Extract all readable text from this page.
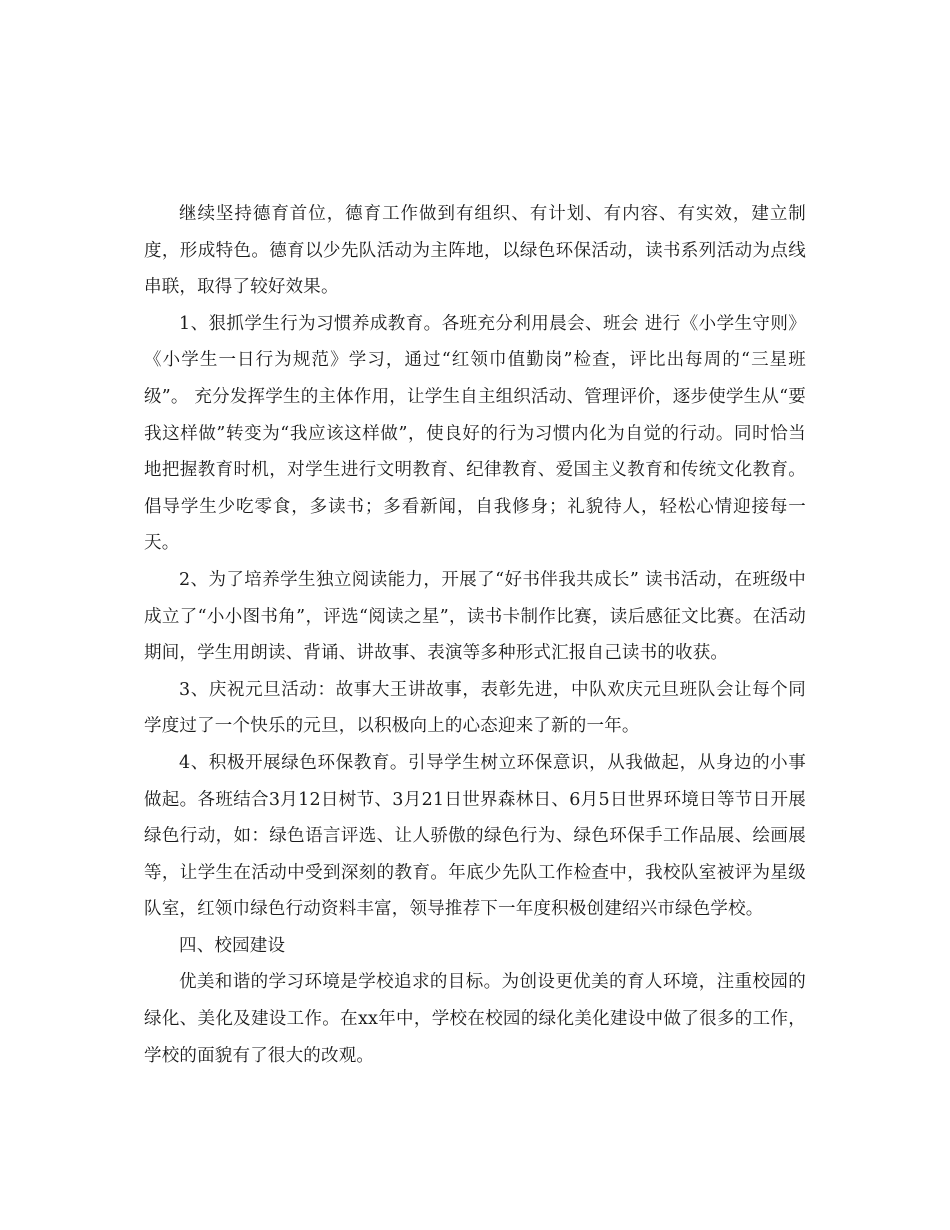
继续坚持德育首位，德育工作做到有组织、有计划、有内容、有实效，建立制度，形成特色。德育以少先队活动为主阵地，以绿色环保活动，读书系列活动为点线串联，取得了较好效果。

1、狠抓学生行为习惯养成教育。各班充分利用晨会、班会 进行《小学生守则》《小学生一日行为规范》学习，通过“红领巾值勤岗”检查，评比出每周的“三星班级”。 充分发挥学生的主体作用，让学生自主组织活动、管理评价，逐步使学生从“要我这样做”转变为“我应该这样做”，使良好的行为习惯内化为自觉的行动。同时恰当地把握教育时机，对学生进行文明教育、纪律教育、爱国主义教育和传统文化教育。倡导学生少吃零食，多读书；多看新闻，自我修身；礼貌待人，轻松心情迎接每一天。

2、为了培养学生独立阅读能力，开展了“好书伴我共成长” 读书活动，在班级中成立了“小小图书角”，评选“阅读之星”，读书卡制作比赛，读后感征文比赛。在活动期间，学生用朗读、背诵、讲故事、表演等多种形式汇报自己读书的收获。

3、庆祝元旦活动：故事大王讲故事，表彰先进，中队欢庆元旦班队会让每个同学度过了一个快乐的元旦，以积极向上的心态迎来了新的一年。

4、积极开展绿色环保教育。引导学生树立环保意识，从我做起，从身边的小事做起。各班结合3月12日树节、3月21日世界森林日、6月5日世界环境日等节日开展绿色行动，如：绿色语言评选、让人骄傲的绿色行为、绿色环保手工作品展、绘画展等，让学生在活动中受到深刻的教育。年底少先队工作检查中，我校队室被评为星级队室，红领巾绿色行动资料丰富，领导推荐下一年度积极创建绍兴市绿色学校。

四、校园建设

优美和谐的学习环境是学校追求的目标。为创设更优美的育人环境，注重校园的绿化、美化及建设工作。在xx年中，学校在校园的绿化美化建设中做了很多的工作，学校的面貌有了很大的改观。
